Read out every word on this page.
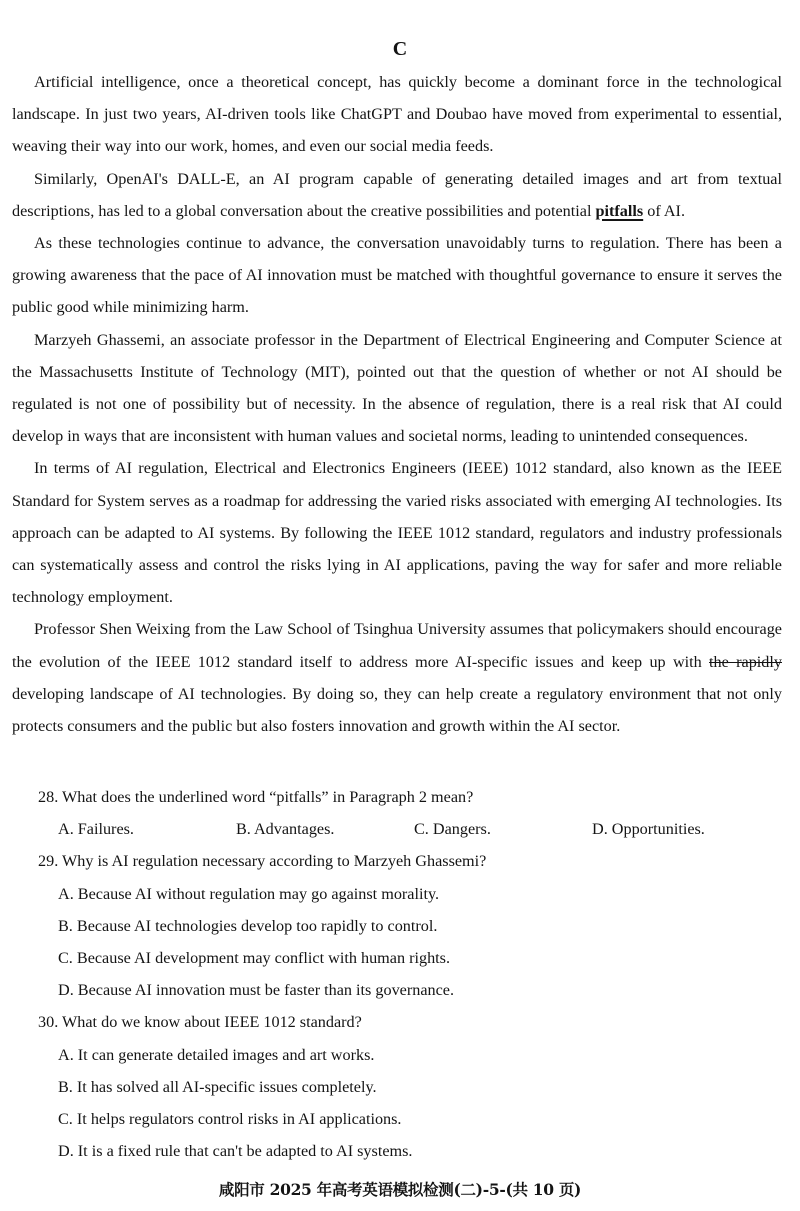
C

Artificial intelligence, once a theoretical concept, has quickly become a dominant force in the technological landscape. In just two years, AI-driven tools like ChatGPT and Doubao have moved from experimental to essential, weaving their way into our work, homes, and even our social media feeds.

Similarly, OpenAI's DALL-E, an AI program capable of generating detailed images and art from textual descriptions, has led to a global conversation about the creative possibilities and potential pitfalls of AI.

As these technologies continue to advance, the conversation unavoidably turns to regulation. There has been a growing awareness that the pace of AI innovation must be matched with thoughtful governance to ensure it serves the public good while minimizing harm.

Marzyeh Ghassemi, an associate professor in the Department of Electrical Engineering and Computer Science at the Massachusetts Institute of Technology (MIT), pointed out that the question of whether or not AI should be regulated is not one of possibility but of necessity. In the absence of regulation, there is a real risk that AI could develop in ways that are inconsistent with human values and societal norms, leading to unintended consequences.

In terms of AI regulation, Electrical and Electronics Engineers (IEEE) 1012 standard, also known as the IEEE Standard for System serves as a roadmap for addressing the varied risks associated with emerging AI technologies. Its approach can be adapted to AI systems. By following the IEEE 1012 standard, regulators and industry professionals can systematically assess and control the risks lying in AI applications, paving the way for safer and more reliable technology employment.

Professor Shen Weixing from the Law School of Tsinghua University assumes that policymakers should encourage the evolution of the IEEE 1012 standard itself to address more AI-specific issues and keep up with the rapidly developing landscape of AI technologies. By doing so, they can help create a regulatory environment that not only protects consumers and the public but also fosters innovation and growth within the AI sector.

28. What does the underlined word “pitfalls” in Paragraph 2 mean?

A. Failures.	B. Advantages.	C. Dangers.	D. Opportunities.

29. Why is AI regulation necessary according to Marzyeh Ghassemi?

A. Because AI without regulation may go against morality.

B. Because AI technologies develop too rapidly to control.

C. Because AI development may conflict with human rights.

D. Because AI innovation must be faster than its governance.

30. What do we know about IEEE 1012 standard?

A. It can generate detailed images and art works.

B. It has solved all AI-specific issues completely.

C. It helps regulators control risks in AI applications.

D. It is a fixed rule that can't be adapted to AI systems.

咸阳市 2025 年高考英语模拟检测(二)-5-(共 10 页)
